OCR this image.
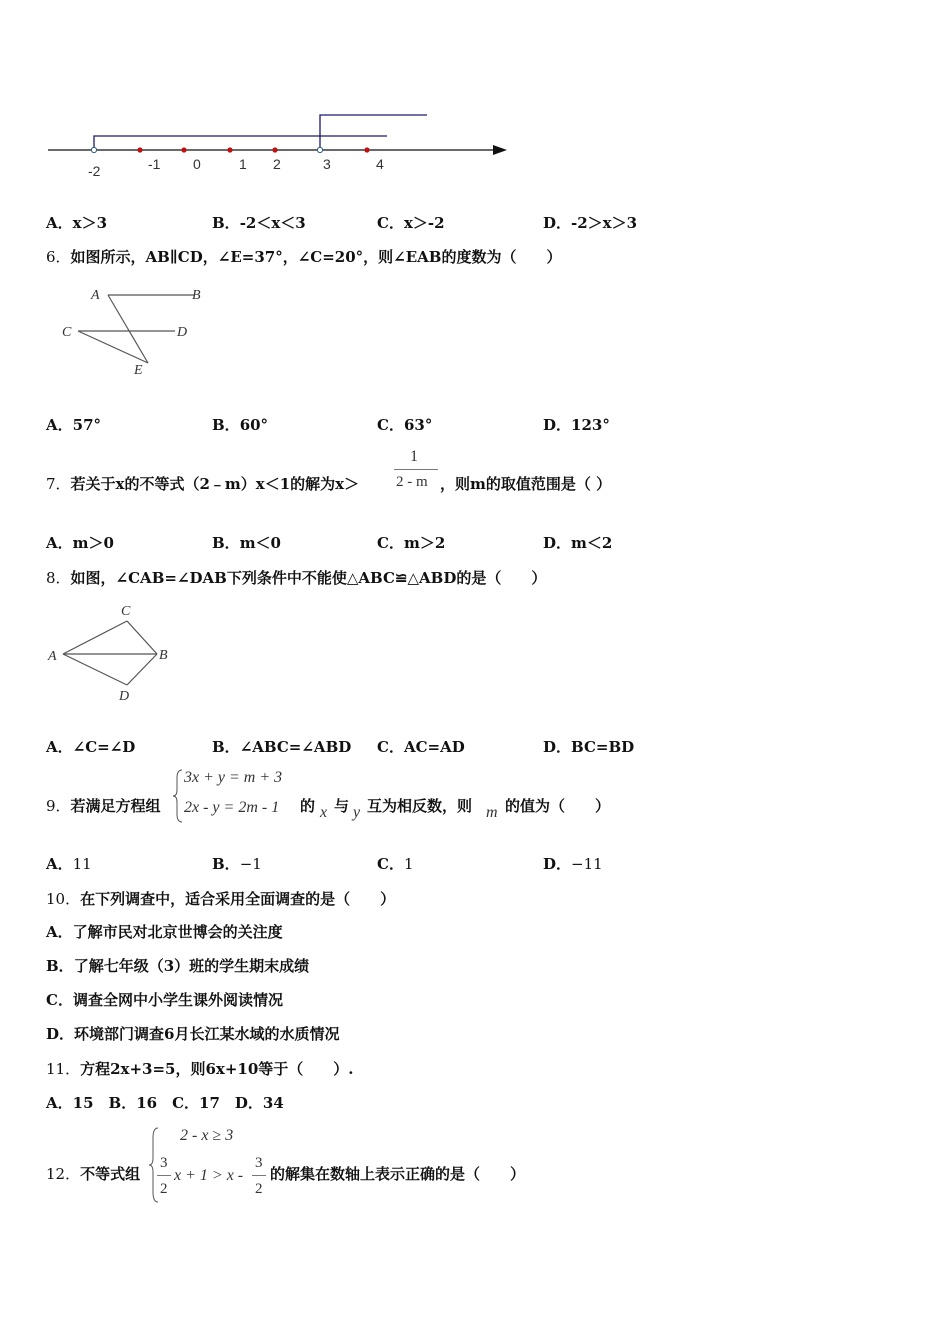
-2	-1 0	1 2	3	4
A．x＞3	B．-2＜x＜3	C．x＞-2	D．-2＞x＞3
6．如图所示，AB∥CD，∠E=37°，∠C=20°，则∠EAB的度数为（　　）
A	B
C	D
E
A．57°	B．60°	C．63°	D．123°
7．若关于x的不等式（2﹣m）x＜1的解为x＞
1
2 - m ，则m的取值范围是（ ）
A．m＞0	B．m＜0	C．m＞2	D．m＜2
8．如图，∠CAB=∠DAB下列条件中不能使△ABC≌△ABD的是（　　）
C
A	B
D
A．∠C=∠D	B．∠ABC=∠ABD C．AC=AD	D．BC=BD
9．若满足方程组
3x + y = m + 3
2x - y = 2m - 1 的 x 与 y 互为相反数，则 m 的值为（　　）
A．11	B．−1	C．1	D．−11
10．在下列调查中，适合采用全面调查的是（　　）
A．了解市民对北京世博会的关注度
B．了解七年级（3）班的学生期末成绩
C．调查全网中小学生课外阅读情况
D．环境部门调查6月长江某水域的水质情况
11．方程2x+3=5，则6x+10等于（　　）.
A．15　B．16　C．17　D．34
12．不等式组
2 - x ≥ 3
3
2
x + 1 > x -
3
2
的解集在数轴上表示正确的是（　　）
